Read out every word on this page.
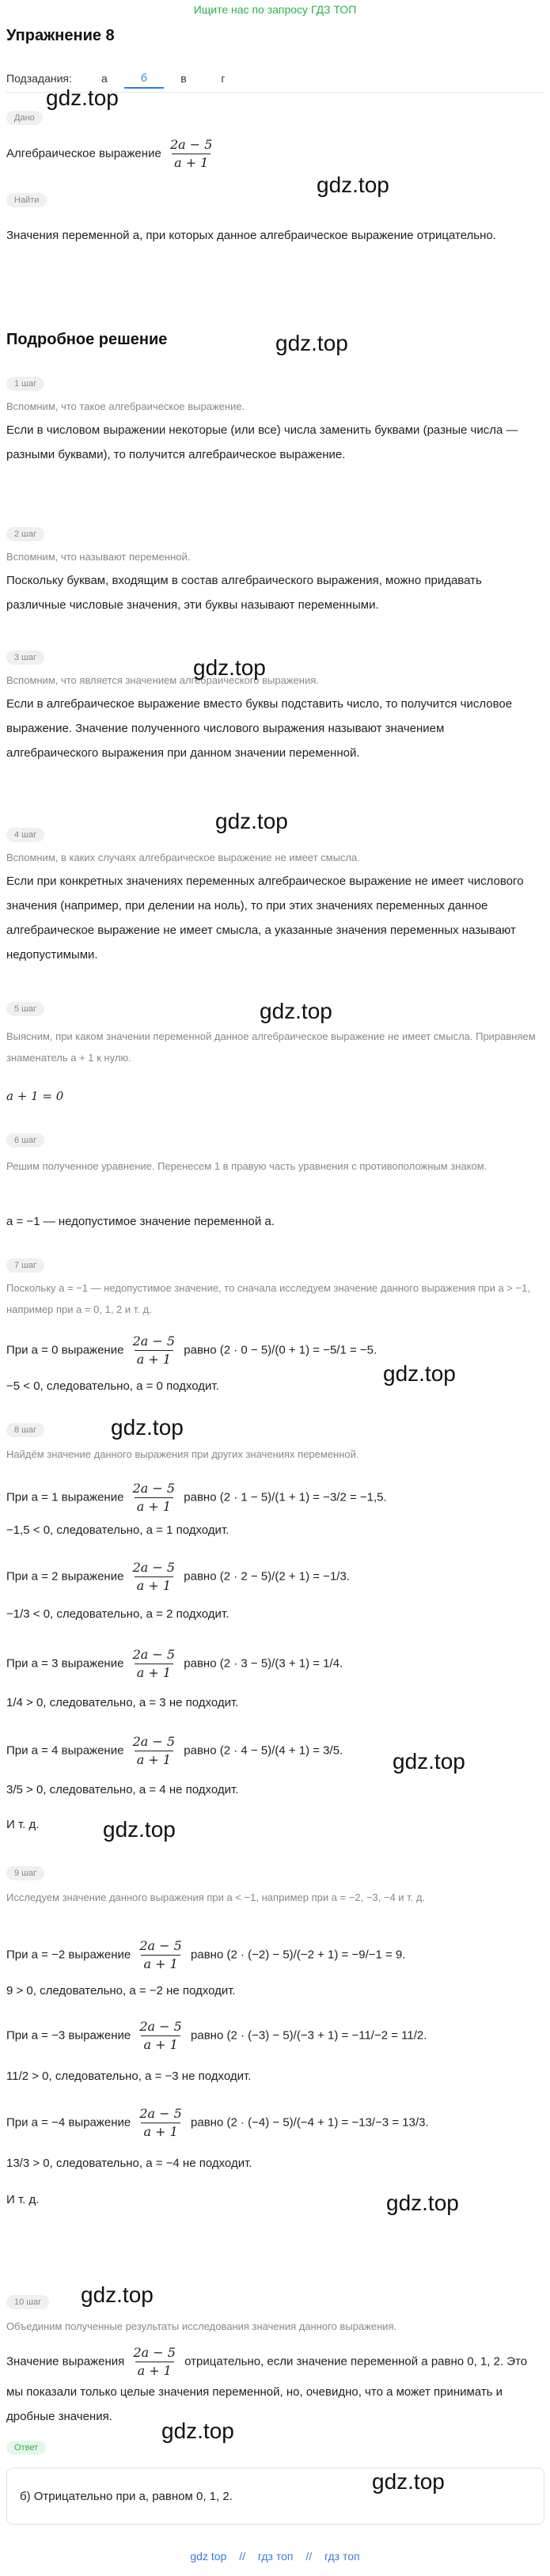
Ищите нас по запросу ГДЗ ТОП
Упражнение 8
Подзадания:	а	б	в	г
Дано
Алгебраическое выражение $\frac{2a - 5}{a + 1}$
Найти
Значения переменной a, при которых данное алгебраическое выражение отрицательно.
Подробное решение
1 шаг
Вспомним, что такое алгебраическое выражение.
Если в числовом выражении некоторые (или все) числа заменить буквами (разные числа — разными буквами), то получится алгебраическое выражение.
2 шаг
Вспомним, что называют переменной.
Поскольку буквам, входящим в состав алгебраического выражения, можно придавать различные числовые значения, эти буквы называют переменными.
3 шаг
Вспомним, что является значением алгебраического выражения.
Если в алгебраическое выражение вместо буквы подставить число, то получится числовое выражение. Значение полученного числового выражения называют значением алгебраического выражения при данном значении переменной.
4 шаг
Вспомним, в каких случаях алгебраическое выражение не имеет смысла.
Если при конкретных значениях переменных алгебраическое выражение не имеет числового значения (например, при делении на ноль), то при этих значениях переменных данное алгебраическое выражение не имеет смысла, а указанные значения переменных называют недопустимыми.
5 шаг
Выясним, при каком значении переменной данное алгебраическое выражение не имеет смысла. Приравняем знаменатель a + 1 к нулю.
a + 1 = 0
6 шаг
Решим полученное уравнение. Перенесем 1 в правую часть уравнения с противоположным знаком.
a = −1 — недопустимое значение переменной a.
7 шаг
Поскольку a = −1 — недопустимое значение, то сначала исследуем значение данного выражения при a > −1, например при a = 0, 1, 2 и т. д.
При a = 0 выражение $\frac{2a - 5}{a + 1}$ равно (2 · 0 − 5)/(0 + 1) = −5/1 = −5.
−5 < 0, следовательно, a = 0 подходит.
8 шаг
Найдём значение данного выражения при других значениях переменной.
При a = 1 выражение $\frac{2a - 5}{a + 1}$ равно (2 · 1 − 5)/(1 + 1) = −3/2 = −1,5.
−1,5 < 0, следовательно, a = 1 подходит.
При a = 2 выражение $\frac{2a - 5}{a + 1}$ равно (2 · 2 − 5)/(2 + 1) = −1/3.
−1/3 < 0, следовательно, a = 2 подходит.
При a = 3 выражение $\frac{2a - 5}{a + 1}$ равно (2 · 3 − 5)/(3 + 1) = 1/4.
1/4 > 0, следовательно, a = 3 не подходит.
При a = 4 выражение $\frac{2a - 5}{a + 1}$ равно (2 · 4 − 5)/(4 + 1) = 3/5.
3/5 > 0, следовательно, a = 4 не подходит.
И т. д.
9 шаг
Исследуем значение данного выражения при a < −1, например при a = −2, −3, −4 и т. д.
При a = −2 выражение $\frac{2a - 5}{a + 1}$ равно (2 · (−2) − 5)/(−2 + 1) = −9/−1 = 9.
9 > 0, следовательно, a = −2 не подходит.
При a = −3 выражение $\frac{2a - 5}{a + 1}$ равно (2 · (−3) − 5)/(−3 + 1) = −11/−2 = 11/2.
11/2 > 0, следовательно, a = −3 не подходит.
При a = −4 выражение $\frac{2a - 5}{a + 1}$ равно (2 · (−4) − 5)/(−4 + 1) = −13/−3 = 13/3.
13/3 > 0, следовательно, a = −4 не подходит.
И т. д.
10 шаг
Объединим полученные результаты исследования значения данного выражения.
Значение выражения $\frac{2a - 5}{a + 1}$ отрицательно, если значение переменной a равно 0, 1, 2. Это мы показали только целые значения переменной, но, очевидно, что a может принимать и дробные значения.
Ответ
б) Отрицательно при a, равном 0, 1, 2.
gdz.top
gdz.top
gdz.top
gdz.top
gdz.top
gdz.top
gdz.top
gdz.top
gdz.top
gdz.top
gdz.top
gdz.top
gdz.top
gdz.top
gdz top // гдз топ // гдз топ
